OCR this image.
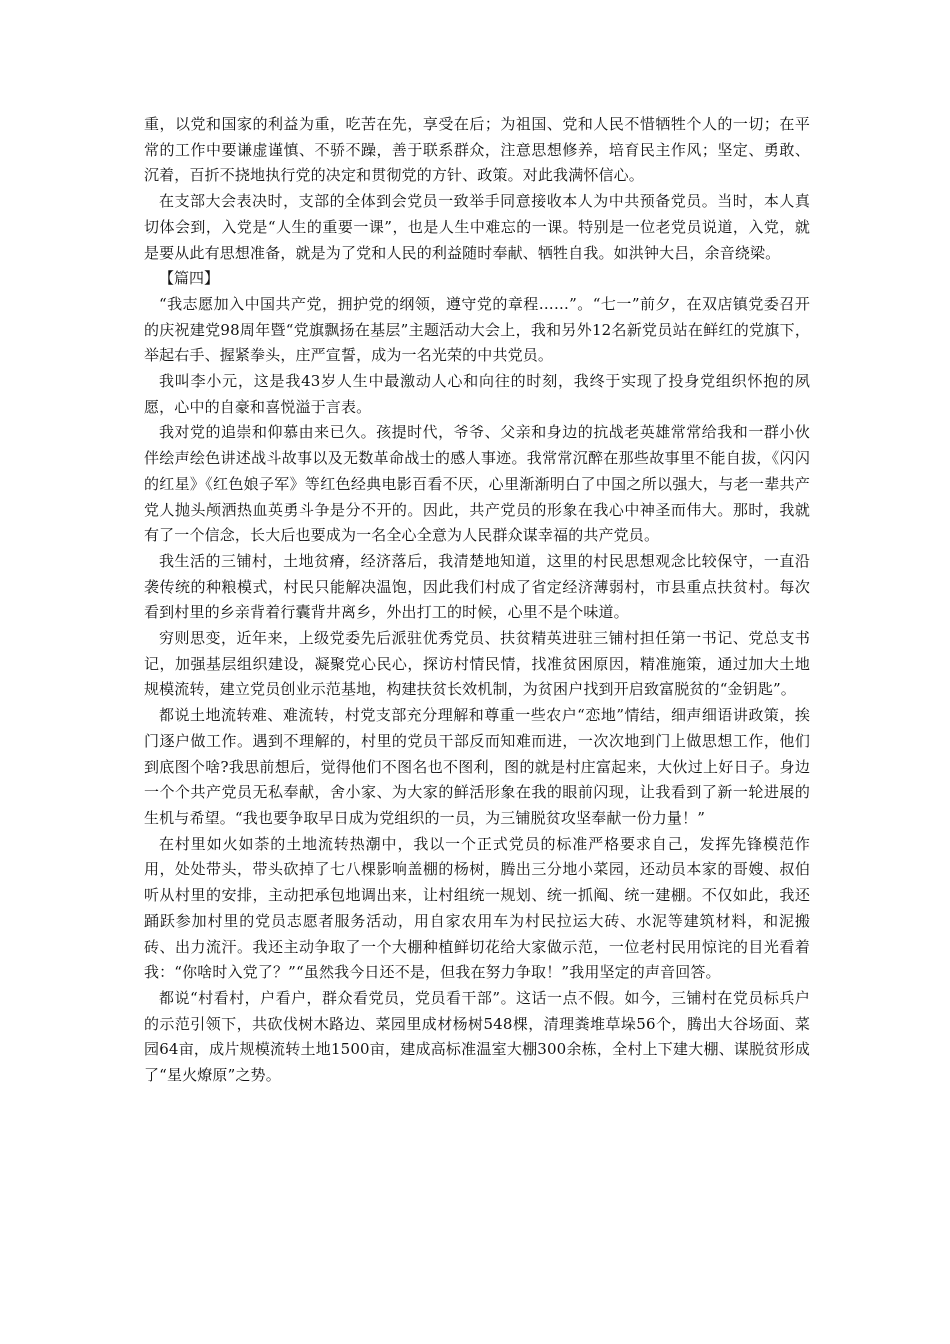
重，以党和国家的利益为重，吃苦在先，享受在后；为祖国、党和人民不惜牺牲个人的一切；在平常的工作中要谦虚谨慎、不骄不躁，善于联系群众，注意思想修养，培育民主作风；坚定、勇敢、沉着，百折不挠地执行党的决定和贯彻党的方针、政策。对此我满怀信心。

在支部大会表决时，支部的全体到会党员一致举手同意接收本人为中共预备党员。当时，本人真切体会到，入党是“人生的重要一课”，也是人生中难忘的一课。特别是一位老党员说道，入党，就是要从此有思想准备，就是为了党和人民的利益随时奉献、牺牲自我。如洪钟大吕，余音绕梁。

【篇四】

“我志愿加入中国共产党，拥护党的纲领，遵守党的章程……”。“七一”前夕，在双店镇党委召开的庆祝建党98周年暨“党旗飘扬在基层”主题活动大会上，我和另外12名新党员站在鲜红的党旗下，举起右手、握紧拳头，庄严宣誓，成为一名光荣的中共党员。

我叫李小元，这是我43岁人生中最激动人心和向往的时刻，我终于实现了投身党组织怀抱的夙愿，心中的自豪和喜悦溢于言表。

我对党的追崇和仰慕由来已久。孩提时代，爷爷、父亲和身边的抗战老英雄常常给我和一群小伙伴绘声绘色讲述战斗故事以及无数革命战士的感人事迹。我常常沉醉在那些故事里不能自拔，《闪闪的红星》《红色娘子军》等红色经典电影百看不厌，心里渐渐明白了中国之所以强大，与老一辈共产党人抛头颅洒热血英勇斗争是分不开的。因此，共产党员的形象在我心中神圣而伟大。那时，我就有了一个信念，长大后也要成为一名全心全意为人民群众谋幸福的共产党员。

我生活的三铺村，土地贫瘠，经济落后，我清楚地知道，这里的村民思想观念比较保守，一直沿袭传统的种粮模式，村民只能解决温饱，因此我们村成了省定经济薄弱村，市县重点扶贫村。每次看到村里的乡亲背着行囊背井离乡，外出打工的时候，心里不是个味道。

穷则思变，近年来，上级党委先后派驻优秀党员、扶贫精英进驻三铺村担任第一书记、党总支书记，加强基层组织建设，凝聚党心民心，探访村情民情，找准贫困原因，精准施策，通过加大土地规模流转，建立党员创业示范基地，构建扶贫长效机制，为贫困户找到开启致富脱贫的“金钥匙”。

都说土地流转难、难流转，村党支部充分理解和尊重一些农户“恋地”情结，细声细语讲政策，挨门逐户做工作。遇到不理解的，村里的党员干部反而知难而进，一次次地到门上做思想工作，他们到底图个啥?我思前想后，觉得他们不图名也不图利，图的就是村庄富起来，大伙过上好日子。身边一个个共产党员无私奉献，舍小家、为大家的鲜活形象在我的眼前闪现，让我看到了新一轮进展的生机与希望。“我也要争取早日成为党组织的一员，为三铺脱贫攻坚奉献一份力量！”

在村里如火如荼的土地流转热潮中，我以一个正式党员的标准严格要求自己，发挥先锋模范作用，处处带头，带头砍掉了七八棵影响盖棚的杨树，腾出三分地小菜园，还动员本家的哥嫂、叔伯听从村里的安排，主动把承包地调出来，让村组统一规划、统一抓阄、统一建棚。不仅如此，我还踊跃参加村里的党员志愿者服务活动，用自家农用车为村民拉运大砖、水泥等建筑材料，和泥搬砖、出力流汗。我还主动争取了一个大棚种植鲜切花给大家做示范，一位老村民用惊诧的目光看着我：“你啥时入党了？”“虽然我今日还不是，但我在努力争取！”我用坚定的声音回答。

都说“村看村，户看户，群众看党员，党员看干部”。这话一点不假。如今，三铺村在党员标兵户的示范引领下，共砍伐树木路边、菜园里成材杨树548棵，清理粪堆草垛56个，腾出大谷场面、菜园64亩，成片规模流转土地1500亩，建成高标准温室大棚300余栋，全村上下建大棚、谋脱贫形成了“星火燎原”之势。
